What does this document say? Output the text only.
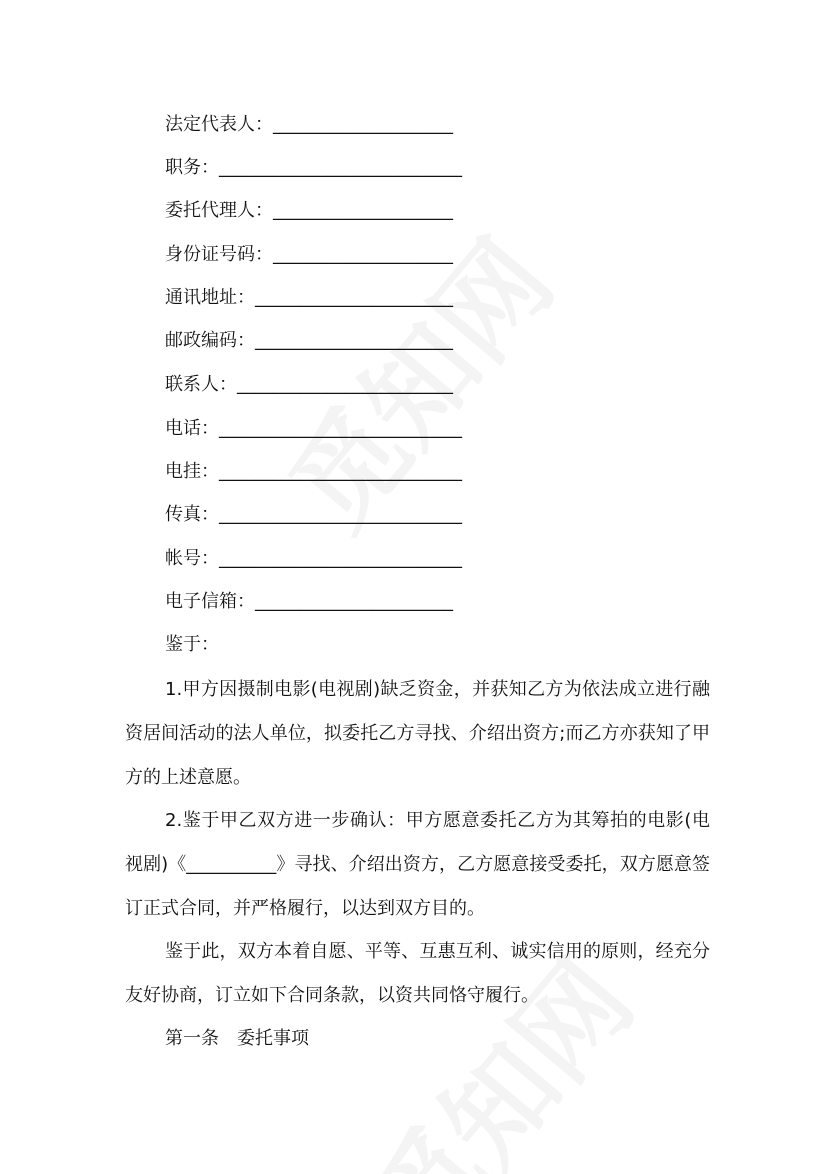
法定代表人：____________________
职务：___________________________
委托代理人：____________________
身份证号码：____________________
通讯地址：______________________
邮政编码：______________________
联系人：________________________
电话：___________________________
电挂：___________________________
传真：___________________________
帐号：___________________________
电子信箱：______________________
鉴于：
1.甲方因摄制电影(电视剧)缺乏资金，并获知乙方为依法成立进行融资居间活动的法人单位，拟委托乙方寻找、介绍出资方;而乙方亦获知了甲方的上述意愿。
2.鉴于甲乙双方进一步确认：甲方愿意委托乙方为其筹拍的电影(电视剧)《__________》寻找、介绍出资方，乙方愿意接受委托，双方愿意签订正式合同，并严格履行，以达到双方目的。
鉴于此，双方本着自愿、平等、互惠互利、诚实信用的原则，经充分友好协商，订立如下合同条款，以资共同恪守履行。
第一条　委托事项
